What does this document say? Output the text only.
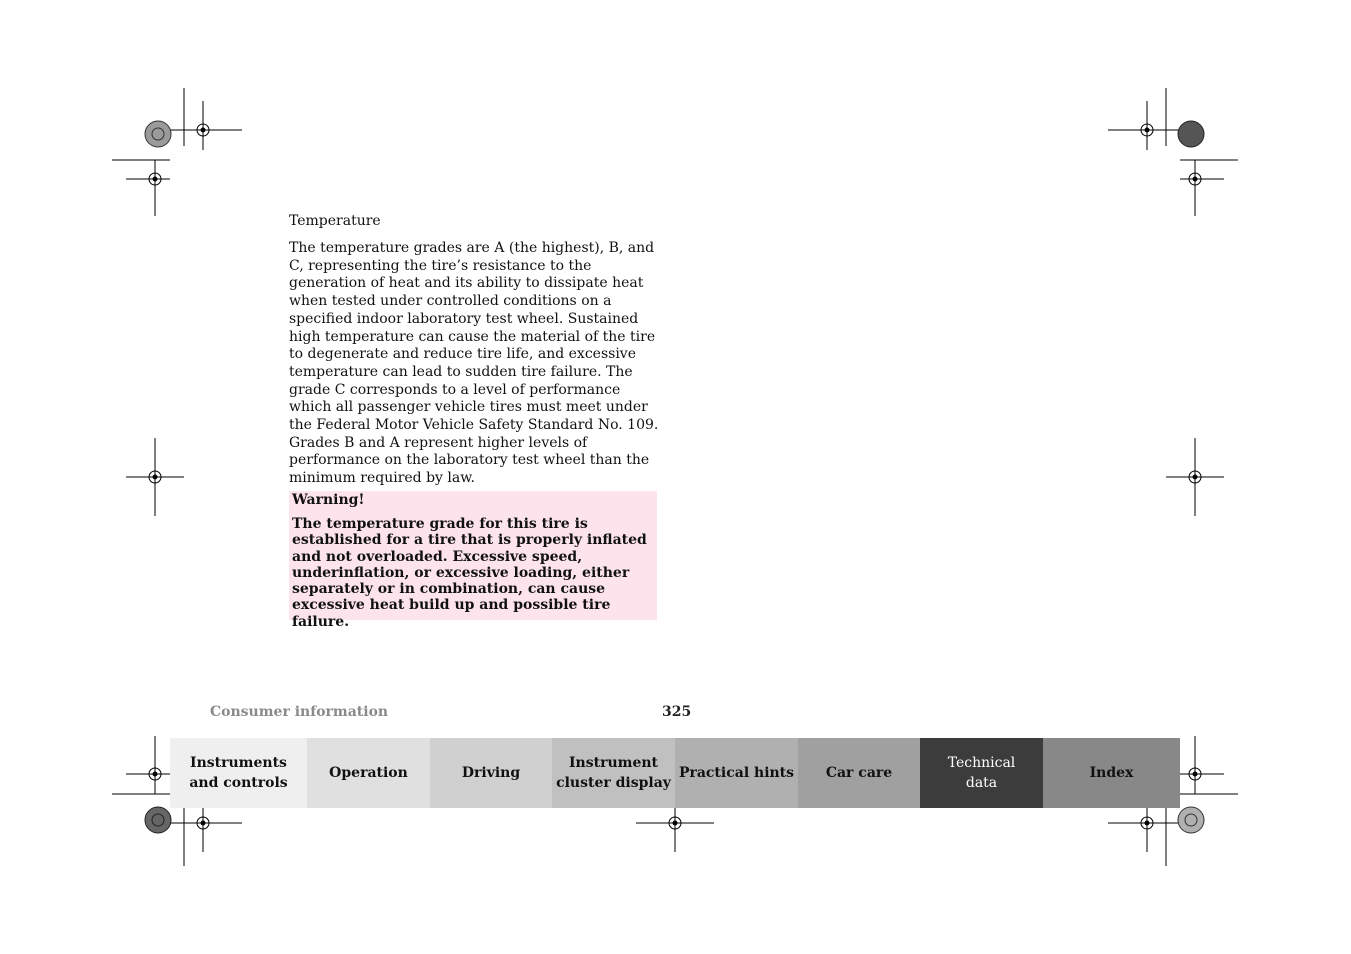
Temperature
The temperature grades are A (the highest), B, and C, representing the tire’s resistance to the generation of heat and its ability to dissipate heat when tested under controlled conditions on a specified indoor laboratory test wheel. Sustained high temperature can cause the material of the tire to degenerate and reduce tire life, and excessive temperature can lead to sudden tire failure. The grade C corresponds to a level of performance which all passenger vehicle tires must meet under the Federal Motor Vehicle Safety Standard No. 109. Grades B and A represent higher levels of performance on the laboratory test wheel than the minimum required by law.
Warning!
The temperature grade for this tire is established for a tire that is properly inflated and not overloaded. Excessive speed, underinflation, or excessive loading, either separately or in combination, can cause excessive heat build up and possible tire failure.
Consumer information	325
Instruments
and controls
Operation	Driving
Instrument
cluster display
Practical hints Car care
Technical
data
Index
